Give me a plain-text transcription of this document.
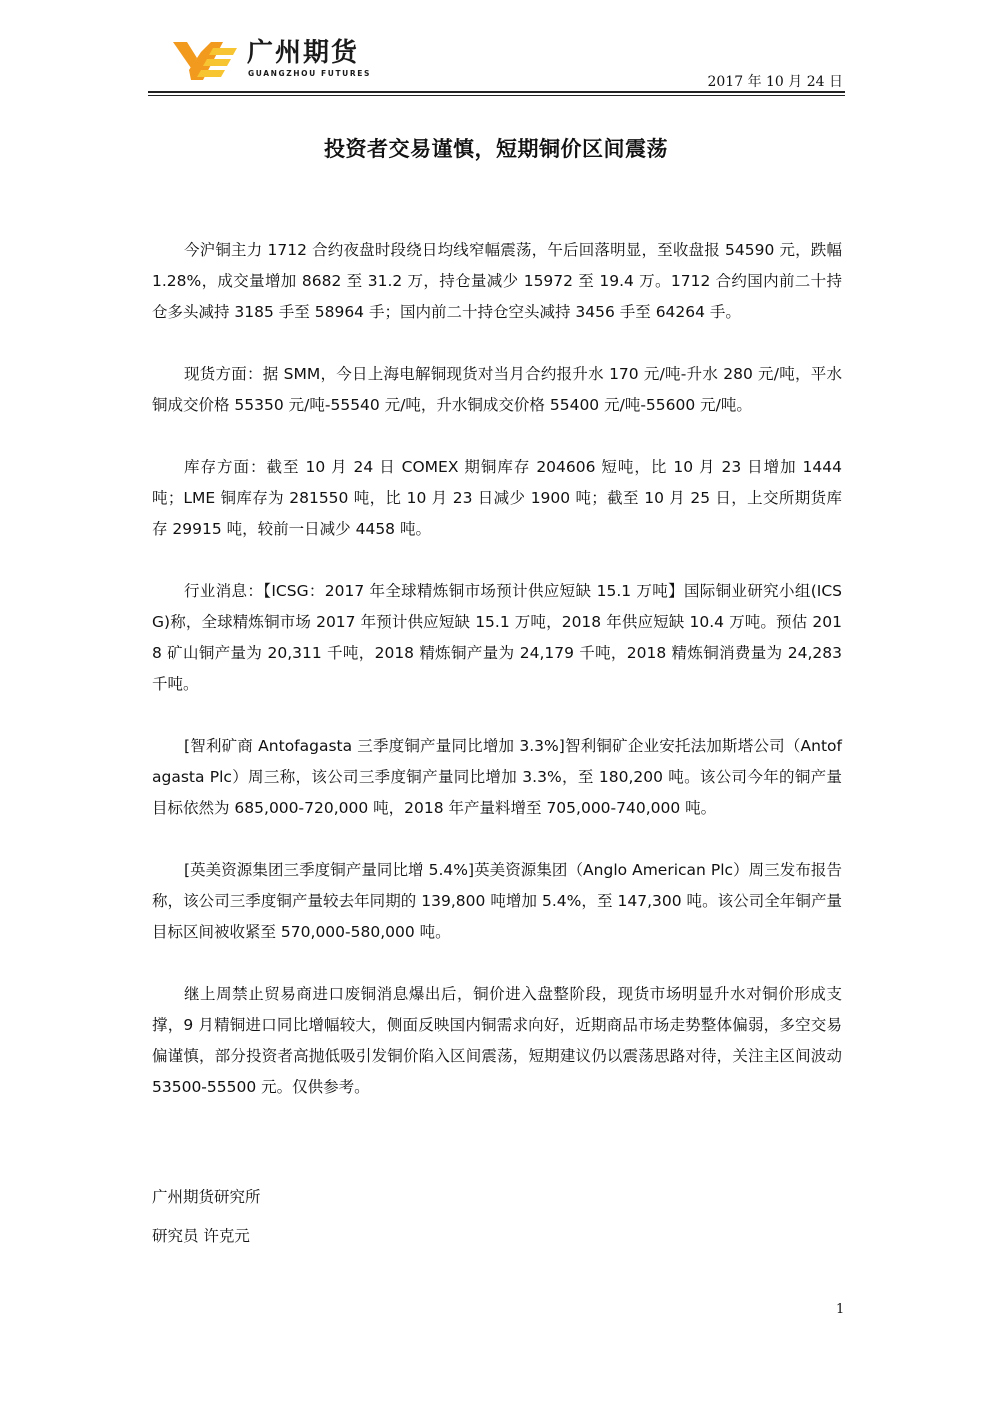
广州期货
GUANGZHOU FUTURES
2017 年 10 月 24 日
投资者交易谨慎，短期铜价区间震荡

今沪铜主力 1712 合约夜盘时段绕日均线窄幅震荡，午后回落明显，至收盘报 54590 元，跌幅 1.28%，成交量增加 8682 至 31.2 万，持仓量减少 15972 至 19.4 万。1712 合约国内前二十持仓多头减持 3185 手至 58964 手；国内前二十持仓空头减持 3456 手至 64264 手。

现货方面：据 SMM，今日上海电解铜现货对当月合约报升水 170 元/吨-升水 280 元/吨，平水铜成交价格 55350 元/吨-55540 元/吨，升水铜成交价格 55400 元/吨-55600 元/吨。

库存方面：截至 10 月 24 日 COMEX 期铜库存 204606 短吨，比 10 月 23 日增加 1444 吨；LME 铜库存为 281550 吨，比 10 月 23 日减少 1900 吨；截至 10 月 25 日，上交所期货库存 29915 吨，较前一日减少 4458 吨。

行业消息：【ICSG：2017 年全球精炼铜市场预计供应短缺 15.1 万吨】国际铜业研究小组(ICSG)称，全球精炼铜市场 2017 年预计供应短缺 15.1 万吨，2018 年供应短缺 10.4 万吨。预估 2018 矿山铜产量为 20,311 千吨，2018 精炼铜产量为 24,179 千吨，2018 精炼铜消费量为 24,283 千吨。

[智利矿商 Antofagasta 三季度铜产量同比增加 3.3%]智利铜矿企业安托法加斯塔公司（Antofagasta Plc）周三称，该公司三季度铜产量同比增加 3.3%，至 180,200 吨。该公司今年的铜产量目标依然为 685,000-720,000 吨，2018 年产量料增至 705,000-740,000 吨。

[英美资源集团三季度铜产量同比增 5.4%]英美资源集团（Anglo American Plc）周三发布报告称，该公司三季度铜产量较去年同期的 139,800 吨增加 5.4%，至 147,300 吨。该公司全年铜产量目标区间被收紧至 570,000-580,000 吨。

继上周禁止贸易商进口废铜消息爆出后，铜价进入盘整阶段，现货市场明显升水对铜价形成支撑，9 月精铜进口同比增幅较大，侧面反映国内铜需求向好，近期商品市场走势整体偏弱，多空交易偏谨慎，部分投资者高抛低吸引发铜价陷入区间震荡，短期建议仍以震荡思路对待，关注主区间波动 53500-55500 元。仅供参考。

广州期货研究所
研究员 许克元
1
